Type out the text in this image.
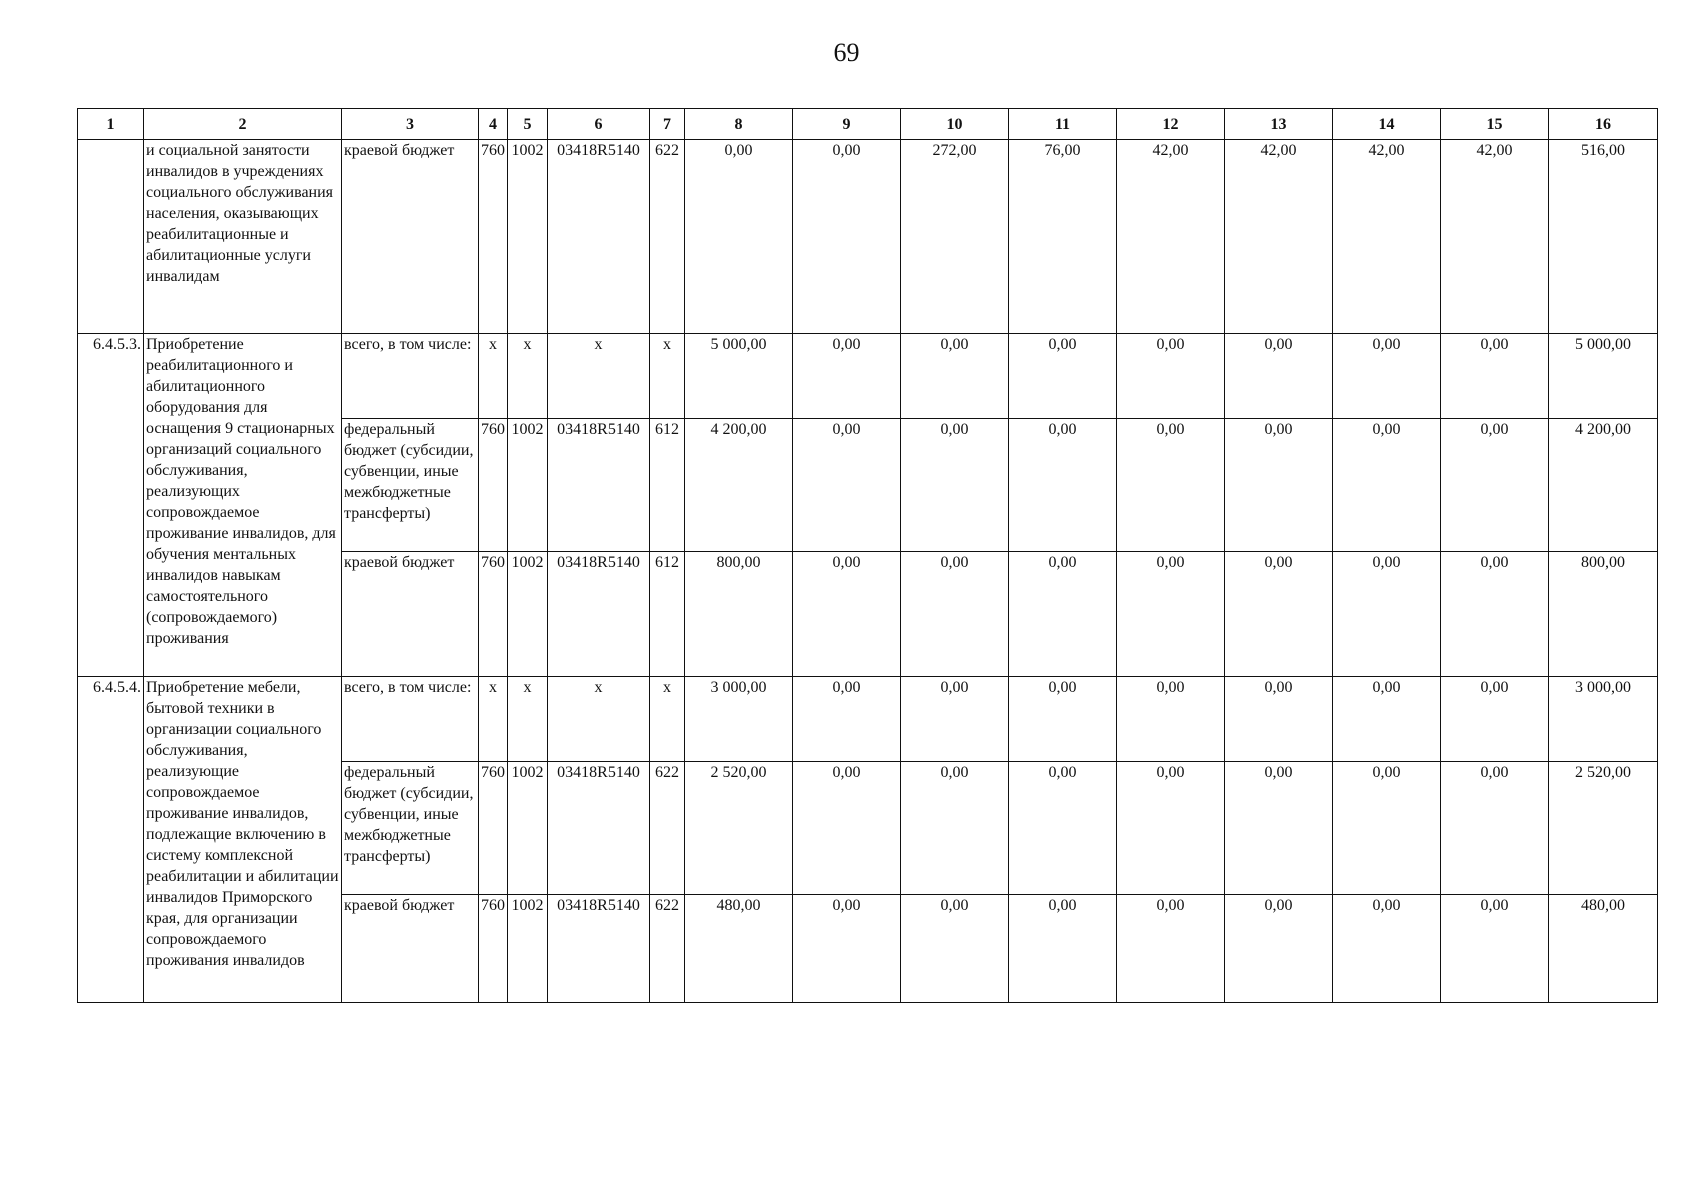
69
1	2	3	4	5	6	7	8	9	10	11	12	13	14	15	16
	и социальной занятости инвалидов в учреждениях социального обслуживания населения, оказывающих реабилитационные и абилитационные услуги инвалидам	краевой бюджет	760	1002	03418R5140	622	0,00	0,00	272,00	76,00	42,00	42,00	42,00	42,00	516,00
6.4.5.3.	Приобретение реабилитационного и абилитационного оборудования для оснащения 9 стационарных организаций социального обслуживания, реализующих сопровождаемое проживание инвалидов, для обучения ментальных инвалидов навыкам самостоятельного (сопровождаемого) проживания	всего, в том числе:	х	х	х	х	5 000,00	0,00	0,00	0,00	0,00	0,00	0,00	0,00	5 000,00
		федеральный бюджет (субсидии, субвенции, иные межбюджетные трансферты)	760	1002	03418R5140	612	4 200,00	0,00	0,00	0,00	0,00	0,00	0,00	0,00	4 200,00
		краевой бюджет	760	1002	03418R5140	612	800,00	0,00	0,00	0,00	0,00	0,00	0,00	0,00	800,00
6.4.5.4.	Приобретение мебели, бытовой техники в организации социального обслуживания, реализующие сопровождаемое проживание инвалидов, подлежащие включению в систему комплексной реабилитации и абилитации инвалидов Приморского края, для организации сопровождаемого проживания инвалидов	всего, в том числе:	х	х	х	х	3 000,00	0,00	0,00	0,00	0,00	0,00	0,00	0,00	3 000,00
		федеральный бюджет (субсидии, субвенции, иные межбюджетные трансферты)	760	1002	03418R5140	622	2 520,00	0,00	0,00	0,00	0,00	0,00	0,00	0,00	2 520,00
		краевой бюджет	760	1002	03418R5140	622	480,00	0,00	0,00	0,00	0,00	0,00	0,00	0,00	480,00
